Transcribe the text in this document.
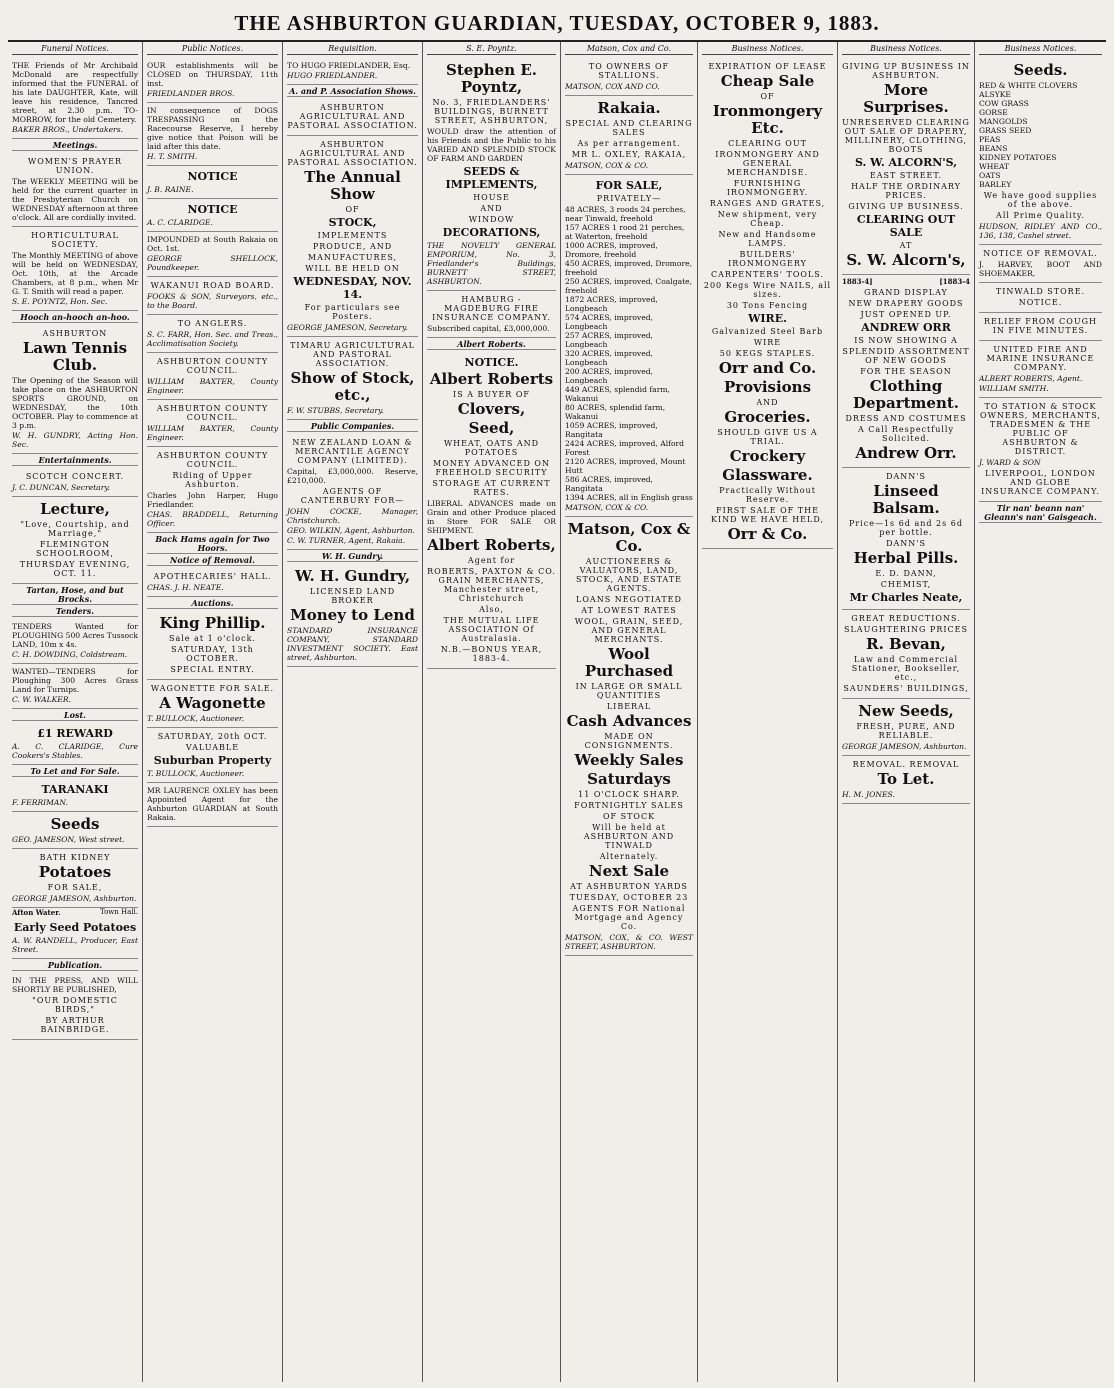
THE ASHBURTON GUARDIAN, TUESDAY, OCTOBER 9, 1883.
Funeral Notices.

THE Friends of Mr Archibald McDonald are respectfully informed that the FUNERAL of his late DAUGHTER, Kate, will leave his residence, Tancred street, at 2.30 p.m. TO-MORROW, for the old Cemetery.

BAKER BROS., Undertakers.

Meetings.
WOMEN'S PRAYER UNION.

The WEEKLY MEETING will be held for the current quarter in the Presbyterian Church on WEDNESDAY afternoon at three o'clock. All are cordially invited.

HORTICULTURAL SOCIETY.

The Monthly MEETING of above will be held on WEDNESDAY, Oct. 10th, at the Arcade Chambers, at 8 p.m., when Mr G. T. Smith will read a paper.

S. E. POYNTZ, Hon. Sec.

Hooch an-hooch an-hoo.
ASHBURTON
Lawn Tennis Club.

The Opening of the Season will take place on the ASHBURTON SPORTS GROUND, on WEDNESDAY, the 10th OCTOBER. Play to commence at 3 p.m.

W. H. GUNDRY, Acting Hon. Sec.

Entertainments.
SCOTCH CONCERT.

J. C. DUNCAN, Secretary.

Lecture,
"Love, Courtship, and Marriage,"
FLEMINGTON SCHOOLROOM,
THURSDAY EVENING, OCT. 11.
Tartan, Hose, and but Brocks.
Tenders.

TENDERS Wanted for PLOUGHING 500 Acres Tussock LAND, 10m x 4s.

C. H. DOWDING, Coldstream.

WANTED—TENDERS for Ploughing 300 Acres Grass Land for Turnips.

C. W. WALKER.

Lost.
£1 REWARD

A. C. CLARIDGE, Cure Cookers's Stables.

To Let and For Sale.
TARANAKI

F. FERRIMAN.

Seeds

GEO. JAMESON, West street.

BATH KIDNEY
Potatoes
FOR SALE,

GEORGE JAMESON, Ashburton.

Afton Water.	Town Hall.
Early Seed Potatoes

A. W. RANDELL, Producer, East Street.

Publication.

IN THE PRESS, AND WILL SHORTLY BE PUBLISHED,

"OUR DOMESTIC BIRDS,"
BY ARTHUR BAINBRIDGE.
Public Notices.

OUR establishments will be CLOSED on THURSDAY, 11th inst.

FRIEDLANDER BROS.

IN consequence of DOGS TRESPASSING on the Racecourse Reserve, I hereby give notice that Poison will be laid after this date.

H. T. SMITH.

NOTICE

J. B. RAINE.

NOTICE

A. C. CLARIDGE.

IMPOUNDED at South Rakaia on Oct. 1st.

GEORGE SHELLOCK, Poundkeeper.

WAKANUI ROAD BOARD.

FOOKS & SON, Surveyors, etc., to the Board.

TO ANGLERS.

S. C. FARR, Hon. Sec. and Treas., Acclimatisation Society.

ASHBURTON COUNTY COUNCIL.

WILLIAM BAXTER, County Engineer.

ASHBURTON COUNTY COUNCIL.

WILLIAM BAXTER, County Engineer.

ASHBURTON COUNTY COUNCIL.
Riding of Upper Ashburton.

Charles John Harper, Hugo Friedlander.

CHAS. BRADDELL, Returning Officer.

Back Hams again for Two Hoors.
Notice of Removal.
APOTHECARIES' HALL.

CHAS. J. H. NEATE.

Auctions.
King Phillip.
Sale at 1 o'clock.
SATURDAY, 13th OCTOBER.
SPECIAL ENTRY.
WAGONETTE FOR SALE.
A Wagonette

T. BULLOCK, Auctioneer.

SATURDAY, 20th OCT.
VALUABLE
Suburban Property

T. BULLOCK, Auctioneer.

MR LAURENCE OXLEY has been Appointed Agent for the Ashburton GUARDIAN at South Rakaia.

Requisition.

TO HUGO FRIEDLANDER, Esq.

HUGO FRIEDLANDER.

A. and P. Association Shows.
ASHBURTON AGRICULTURAL AND PASTORAL ASSOCIATION.
ASHBURTON AGRICULTURAL AND PASTORAL ASSOCIATION.
The Annual Show
OF
STOCK,
IMPLEMENTS
PRODUCE, AND
MANUFACTURES,
WILL BE HELD ON
WEDNESDAY, NOV. 14.
For particulars see Posters.

GEORGE JAMESON, Secretary.

TIMARU AGRICULTURAL AND PASTORAL ASSOCIATION.
Show of Stock, etc.,

F. W. STUBBS, Secretary.

Public Companies.
NEW ZEALAND LOAN & MERCANTILE AGENCY COMPANY (LIMITED).

Capital, £3,000,000. Reserve, £210,000.

AGENTS OF CANTERBURY FOR—

JOHN COCKE, Manager, Christchurch.

GEO. WILKIN, Agent, Ashburton.

C. W. TURNER, Agent, Rakaia.

W. H. Gundry.
W. H. Gundry,
LICENSED LAND BROKER
Money to Lend

STANDARD INSURANCE COMPANY, STANDARD INVESTMENT SOCIETY. East street, Ashburton.

S. E. Poyntz.
Stephen E. Poyntz,
No. 3, FRIEDLANDERS' BUILDINGS, BURNETT STREET, ASHBURTON,

WOULD draw the attention of his Friends and the Public to his VARIED AND SPLENDID STOCK OF FARM AND GARDEN

SEEDS & IMPLEMENTS,
HOUSE
AND
WINDOW
DECORATIONS,

THE NOVELTY GENERAL EMPORIUM, No. 3, Friedlander's Buildings, BURNETT STREET, ASHBURTON.

HAMBURG - MAGDEBURG FIRE INSURANCE COMPANY.

Subscribed capital, £3,000,000.

Albert Roberts.
NOTICE.
Albert Roberts
IS A BUYER OF
Clovers,
Seed,
WHEAT, OATS AND POTATOES
MONEY ADVANCED ON FREEHOLD SECURITY
STORAGE AT CURRENT RATES.

LIBERAL ADVANCES made on Grain and other Produce placed in Store FOR SALE OR SHIPMENT.

Albert Roberts,
Agent for
ROBERTS, PAXTON & CO. GRAIN MERCHANTS, Manchester street, Christchurch
Also,
THE MUTUAL LIFE ASSOCIATION Of Australasia.
N.B.—BONUS YEAR, 1883-4.
Matson, Cox and Co.
TO OWNERS OF STALLIONS.

MATSON, COX AND CO.

Rakaia.
SPECIAL AND CLEARING SALES
As per arrangement.
MR L. OXLEY, RAKAIA,

MATSON, COX & CO.

FOR SALE,
PRIVATELY—
48 ACRES, 3 roods 24 perches, near Tinwald, freehold
157 ACRES 1 rood 21 perches, at Waterton, freehold
1000 ACRES, improved, Dromore, freehold
450 ACRES, improved, Dromore, freehold
250 ACRES, improved, Coalgate, freehold
1872 ACRES, improved, Longbeach
574 ACRES, improved, Longbeach
257 ACRES, improved, Longbeach
320 ACRES, improved, Longbeach
200 ACRES, improved, Longbeach
449 ACRES, splendid farm, Wakanui
80 ACRES, splendid farm, Wakanui
1059 ACRES, improved, Rangitata
2424 ACRES, improved, Alford Forest
2120 ACRES, improved, Mount Hutt
586 ACRES, improved, Rangitata
1394 ACRES, all in English grass

MATSON, COX & CO.

Matson, Cox & Co.
AUCTIONEERS & VALUATORS, LAND, STOCK, AND ESTATE AGENTS.
LOANS NEGOTIATED
AT LOWEST RATES
WOOL, GRAIN, SEED, AND GENERAL MERCHANTS.
Wool Purchased
IN LARGE OR SMALL QUANTITIES
LIBERAL
Cash Advances
MADE ON CONSIGNMENTS.
Weekly Sales
Saturdays
11 O'CLOCK SHARP.
FORTNIGHTLY SALES
OF STOCK
Will be held at ASHBURTON AND TINWALD
Alternately.
Next Sale
AT ASHBURTON YARDS
TUESDAY, OCTOBER 23
AGENTS FOR National Mortgage and Agency Co.

MATSON, COX, & CO. WEST STREET, ASHBURTON.

Business Notices.
EXPIRATION OF LEASE
Cheap Sale
OF
Ironmongery Etc.
CLEARING OUT
IRONMONGERY AND GENERAL MERCHANDISE.
FURNISHING IRONMONGERY.
RANGES AND GRATES,
New shipment, very Cheap.
New and Handsome LAMPS.
BUILDERS' IRONMONGERY
CARPENTERS' TOOLS.
200 Kegs Wire NAILS, all sizes.
30 Tons Fencing
WIRE.
Galvanized Steel Barb
WIRE
50 KEGS STAPLES.
Orr and Co.
Provisions
AND
Groceries.
SHOULD GIVE US A TRIAL.
Crockery
Glassware.
Practically Without Reserve.
FIRST SALE OF THE KIND WE HAVE HELD,
Orr & Co.
Business Notices.
GIVING UP BUSINESS IN ASHBURTON.
More Surprises.
UNRESERVED CLEARING OUT SALE OF DRAPERY, MILLINERY, CLOTHING, BOOTS
S. W. ALCORN'S,
EAST STREET.
HALF THE ORDINARY PRICES.
GIVING UP BUSINESS.
CLEARING OUT SALE
AT
S. W. Alcorn's,
1883-4]	[1883-4
GRAND DISPLAY
NEW DRAPERY GOODS
JUST OPENED UP.
ANDREW ORR
IS NOW SHOWING A
SPLENDID ASSORTMENT OF NEW GOODS
FOR THE SEASON
Clothing Department.
DRESS AND COSTUMES
A Call Respectfully Solicited.
Andrew Orr.
DANN'S
Linseed Balsam.
Price—1s 6d and 2s 6d per bottle.
DANN'S
Herbal Pills.
E. D. DANN,
CHEMIST,
Mr Charles Neate,
GREAT REDUCTIONS.
SLAUGHTERING PRICES
R. Bevan,
Law and Commercial Stationer, Bookseller, etc.,
SAUNDERS' BUILDINGS,
New Seeds,
FRESH, PURE, AND RELIABLE.

GEORGE JAMESON, Ashburton.

REMOVAL. REMOVAL
To Let.

H. M. JONES.

Business Notices.
Seeds.
RED & WHITE CLOVERS
ALSYKE
COW GRASS
GORSE
MANGOLDS
GRASS SEED
PEAS
BEANS
KIDNEY POTATOES
WHEAT
OATS
BARLEY
We have good supplies of the above.
All Prime Quality.

HUDSON, RIDLEY AND CO., 136, 138, Cashel street.

NOTICE OF REMOVAL.

J. HARVEY, BOOT AND SHOEMAKER,

TINWALD STORE.
NOTICE.
RELIEF FROM COUGH IN FIVE MINUTES.
UNITED FIRE AND MARINE INSURANCE COMPANY.

ALBERT ROBERTS, Agent.

WILLIAM SMITH.

TO STATION & STOCK OWNERS, MERCHANTS, TRADESMEN & THE PUBLIC OF ASHBURTON & DISTRICT.

J. WARD & SON

LIVERPOOL, LONDON AND GLOBE INSURANCE COMPANY.
Tir nan' beann nan' Gleann's nan' Gaisgeach.
